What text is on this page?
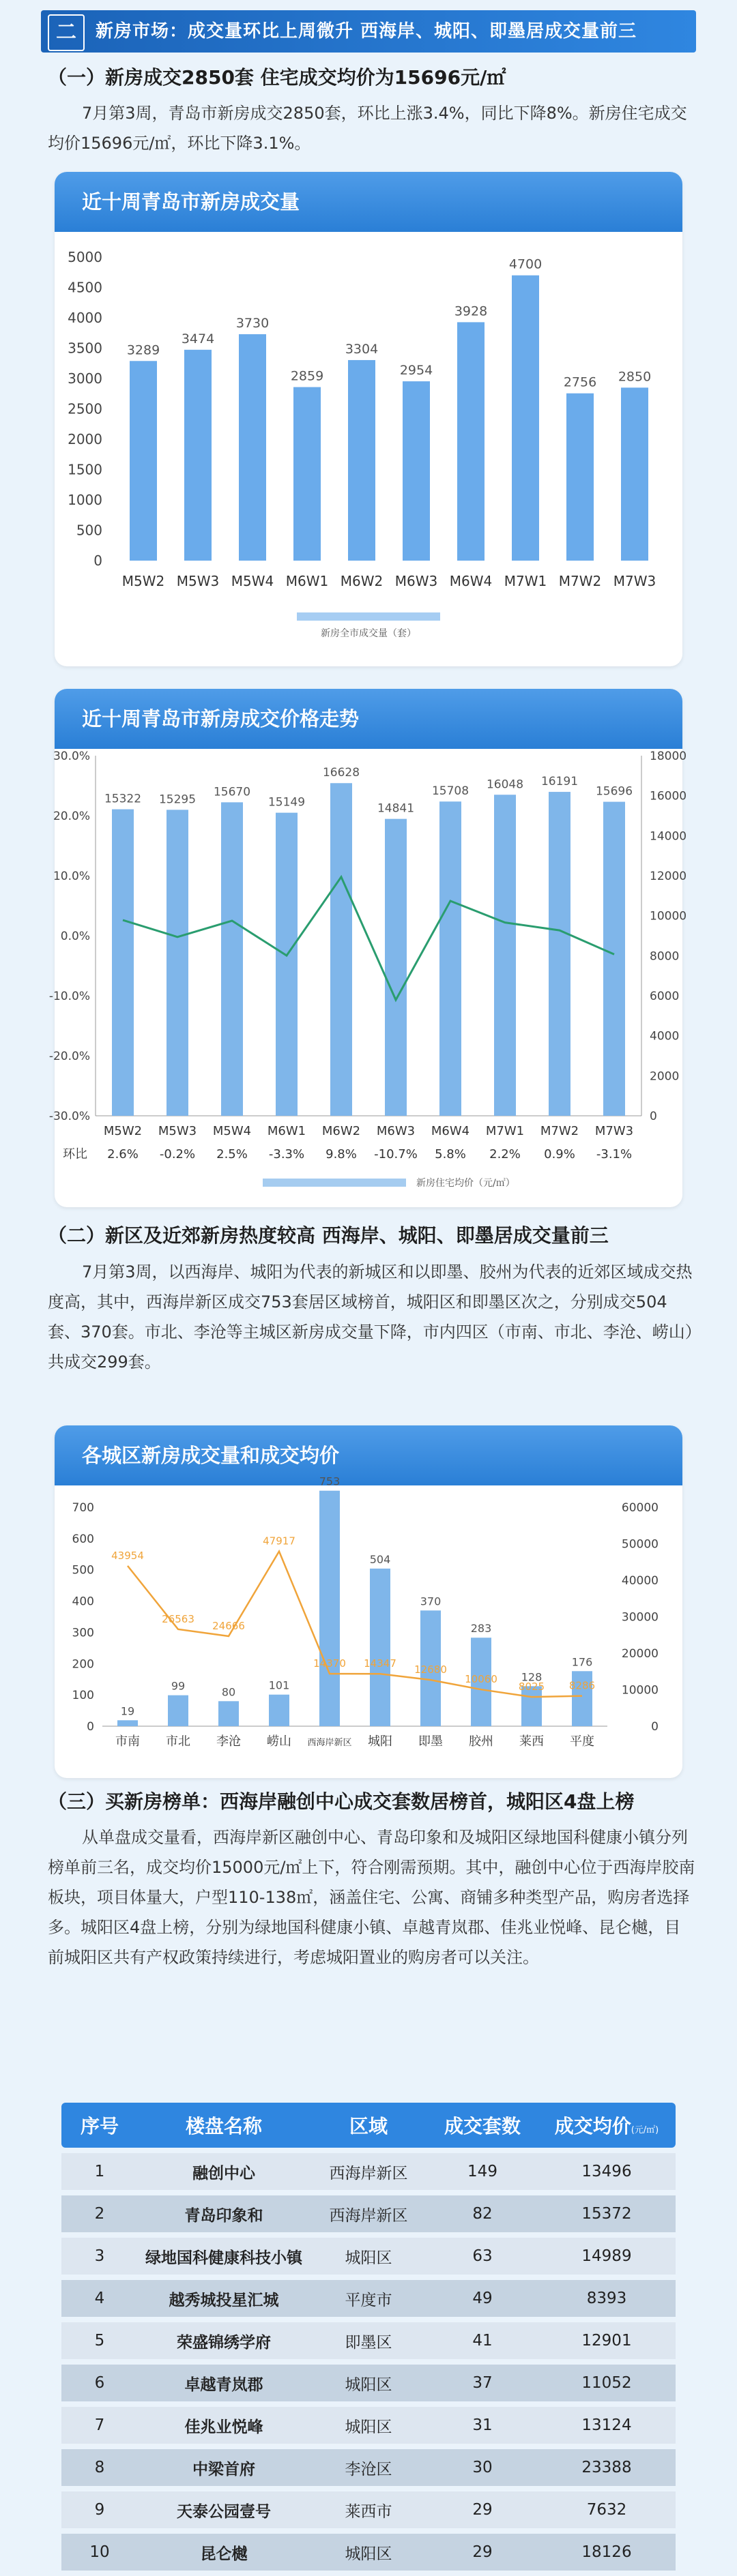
二	新房市场：成交量环比上周微升 西海岸、城阳、即墨居成交量前三
（一）新房成交2850套 住宅成交均价为15696元/㎡
7月第3周，青岛市新房成交2850套，环比上涨3.4%，同比下降8%。新房住宅成交均价15696元/㎡，环比下降3.1%。
近十周青岛市新房成交量
0
500
1000
1500
2000
2500
3000
3500
4000
4500
5000
3289
M5W2
3474
M5W3
3730
M5W4
2859
M6W1
3304
M6W2
2954
M6W3
3928
M6W4
4700
M7W1
2756
M7W2
2850
M7W3
新房全市成交量（套）
近十周青岛市新房成交价格走势
0
2000
4000
6000
8000
10000
12000
14000
16000
18000
-30.0%
-20.0%
-10.0%
0.0%
10.0%
20.0%
30.0%
15322
M5W2
2.6%
15295
M5W3
-0.2%
15670
M5W4
2.5%
15149
M6W1
-3.3%
16628
M6W2
9.8%
14841
M6W3
-10.7%
15708
M6W4
5.8%
16048
M7W1
2.2%
16191
M7W2
0.9%
15696
M7W3
-3.1%
环比
新房住宅均价（元/㎡）
（二）新区及近郊新房热度较高 西海岸、城阳、即墨居成交量前三
7月第3周，以西海岸、城阳为代表的新城区和以即墨、胶州为代表的近郊区域成交热度高，其中，西海岸新区成交753套居区域榜首，城阳区和即墨区次之，分别成交504套、370套。市北、李沧等主城区新房成交量下降，市内四区（市南、市北、李沧、崂山）共成交299套。
各城区新房成交量和成交均价
0
100
200
300
400
500
600
700
0
10000
20000
30000
40000
50000
60000
19
市南
99
市北
80
李沧
101
崂山
753
西海岸新区
504
城阳
370
即墨
283
胶州
128
莱西
176
平度
43954
26563
24666
47917
14370 14347 12680
10060
8025 8286
（三）买新房榜单：西海岸融创中心成交套数居榜首，城阳区4盘上榜
从单盘成交量看，西海岸新区融创中心、青岛印象和及城阳区绿地国科健康小镇分列榜单前三名，成交均价15000元/㎡上下，符合刚需预期。其中，融创中心位于西海岸胶南板块，项目体量大，户型110-138㎡，涵盖住宅、公寓、商铺多种类型产品，购房者选择多。城阳区4盘上榜，分别为绿地国科健康小镇、卓越青岚郡、佳兆业悦峰、昆仑樾，目前城阳区共有产权政策持续进行，考虑城阳置业的购房者可以关注。
序号	楼盘名称	区域	成交套数	成交均价(元/㎡)
1	融创中心	西海岸新区	149	13496
2	青岛印象和	西海岸新区	82	15372
3	绿地国科健康科技小镇	城阳区	63	14989
4	越秀城投星汇城	平度市	49	8393
5	荣盛锦绣学府	即墨区	41	12901
6	卓越青岚郡	城阳区	37	11052
7	佳兆业悦峰	城阳区	31	13124
8	中梁首府	李沧区	30	23388
9	天泰公园壹号	莱西市	29	7632
10	昆仑樾	城阳区	29	18126
